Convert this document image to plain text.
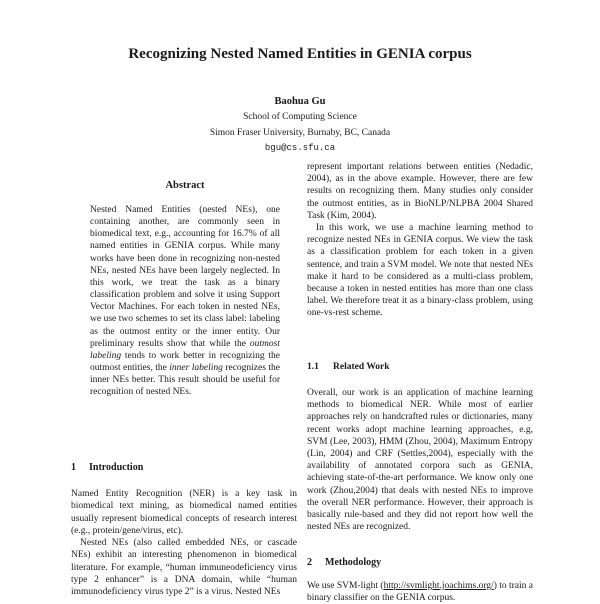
Recognizing Nested Named Entities in GENIA corpus
Baohua Gu
School of Computing Science
Simon Fraser University, Burnaby, BC, Canada
bgu@cs.sfu.ca
Abstract

Nested Named Entities (nested NEs), one containing another, are commonly seen in biomedical text, e.g., accounting for 16.7% of all named entities in GENIA corpus. While many works have been done in recognizing non-nested NEs, nested NEs have been largely neglected. In this work, we treat the task as a binary classification problem and solve it using Support Vector Machines. For each token in nested NEs, we use two schemes to set its class label: labeling as the outmost entity or the inner entity. Our preliminary results show that while the outmost labeling tends to work better in recognizing the outmost entities, the inner labeling recognizes the inner NEs better. This result should be useful for recognition of nested NEs.

1 Introduction

Named Entity Recognition (NER) is a key task in biomedical text mining, as biomedical named entities usually represent biomedical concepts of research interest (e.g., protein/gene/virus, etc).

Nested NEs (also called embedded NEs, or cascade NEs) exhibit an interesting phenomenon in biomedical literature. For example, “human immuneodeficiency virus type 2 enhancer” is a DNA domain, while “human immunodeficiency virus type 2” is a virus. Nested NEs

represent important relations between entities (Nedadic, 2004), as in the above example. However, there are few results on recognizing them. Many studies only consider the outmost entities, as in BioNLP/NLPBA 2004 Shared Task (Kim, 2004).

In this work, we use a machine learning method to recognize nested NEs in GENIA corpus. We view the task as a classification problem for each token in a given sentence, and train a SVM model. We note that nested NEs make it hard to be considered as a multi-class problem, because a token in nested entities has more than one class label. We therefore treat it as a binary-class problem, using one-vs-rest scheme.

1.1 Related Work

Overall, our work is an application of machine learning methods to biomedical NER. While most of earlier approaches rely on handcrafted rules or dictionaries, many recent works adopt machine learning approaches, e.g, SVM (Lee, 2003), HMM (Zhou, 2004), Maximum Entropy (Lin, 2004) and CRF (Settles,2004), especially with the availability of annotated corpora such as GENIA, achieving state-of-the-art performance. We know only one work (Zhou,2004) that deals with nested NEs to improve the overall NER performance. However, their approach is basically rule-based and they did not report how well the nested NEs are recognized.

2 Methodology

We use SVM-light (http://svmlight.joachims.org/) to train a binary classifier on the GENIA corpus.
